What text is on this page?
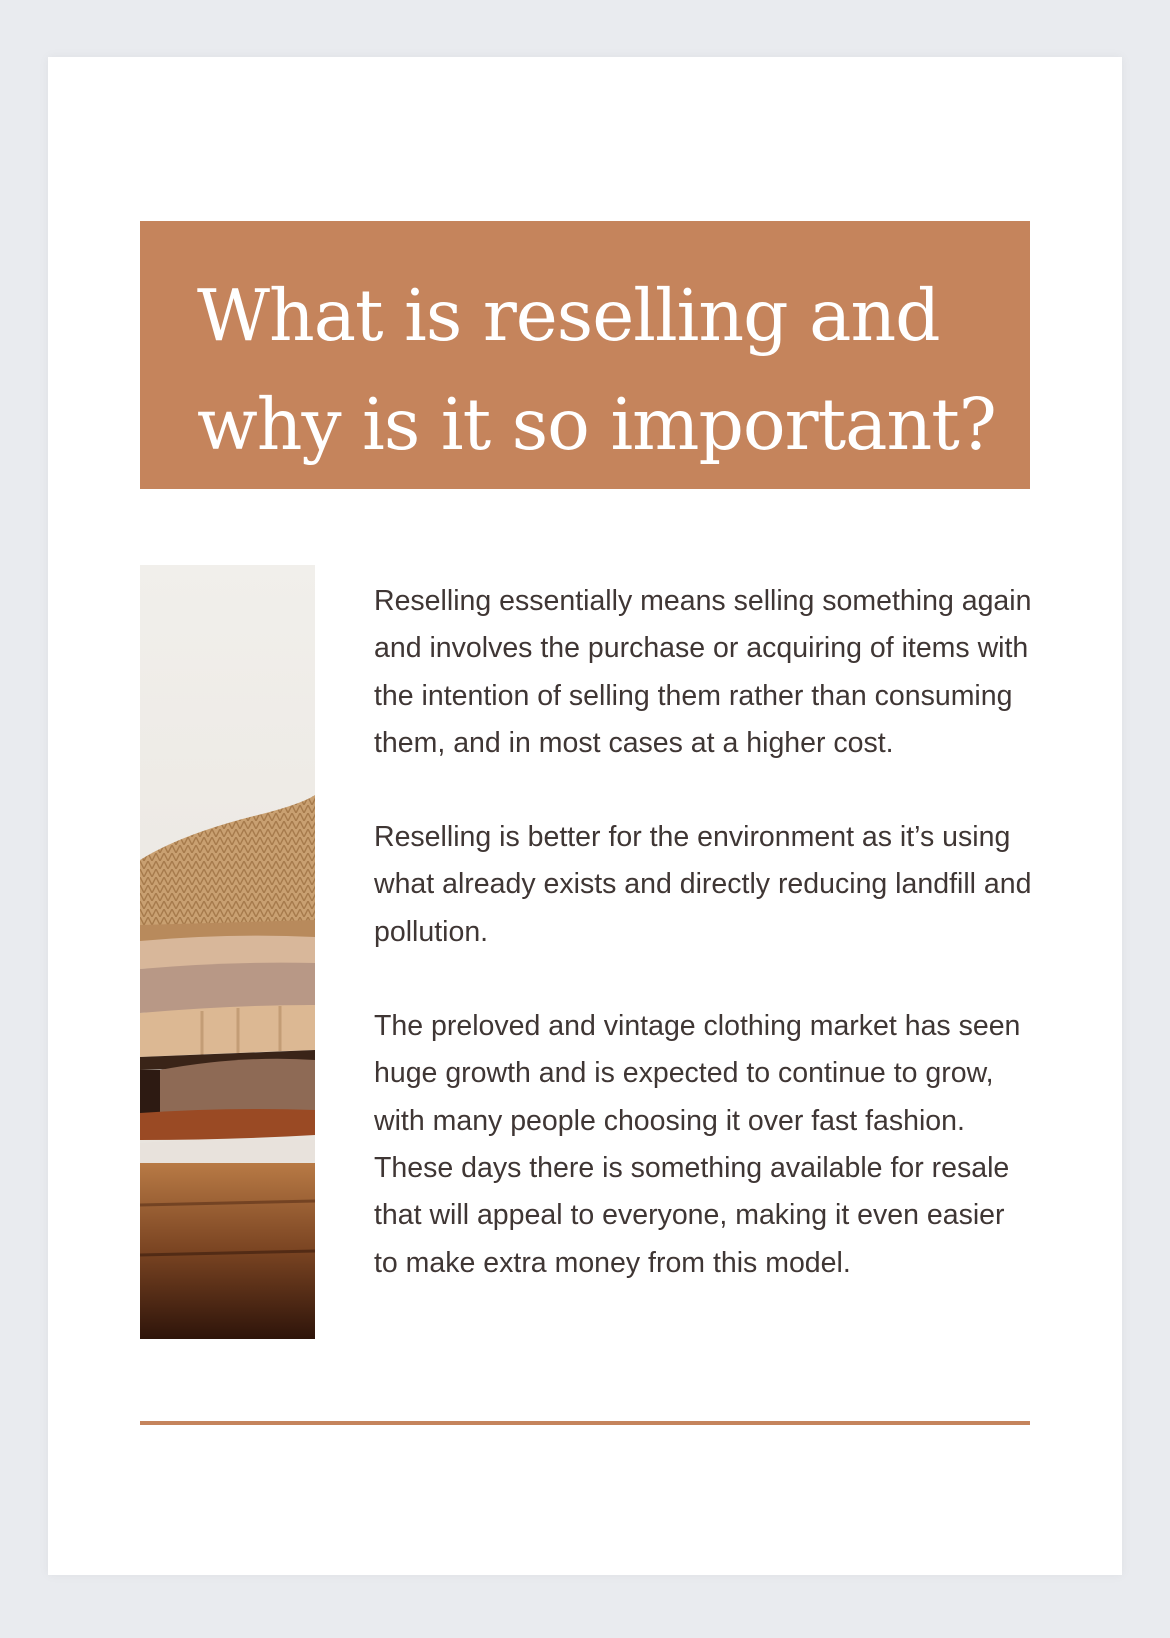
What is reselling and
why is it so important?

Reselling essentially means selling something again and involves the purchase or acquiring of items with the intention of selling them rather than consuming them, and in most cases at a higher cost.

Reselling is better for the environment as it’s using what already exists and directly reducing landfill and pollution.

The preloved and vintage clothing market has seen huge growth and is expected to continue to grow, with many people choosing it over fast fashion. These days there is something available for resale that will appeal to everyone, making it even easier to make extra money from this model.
